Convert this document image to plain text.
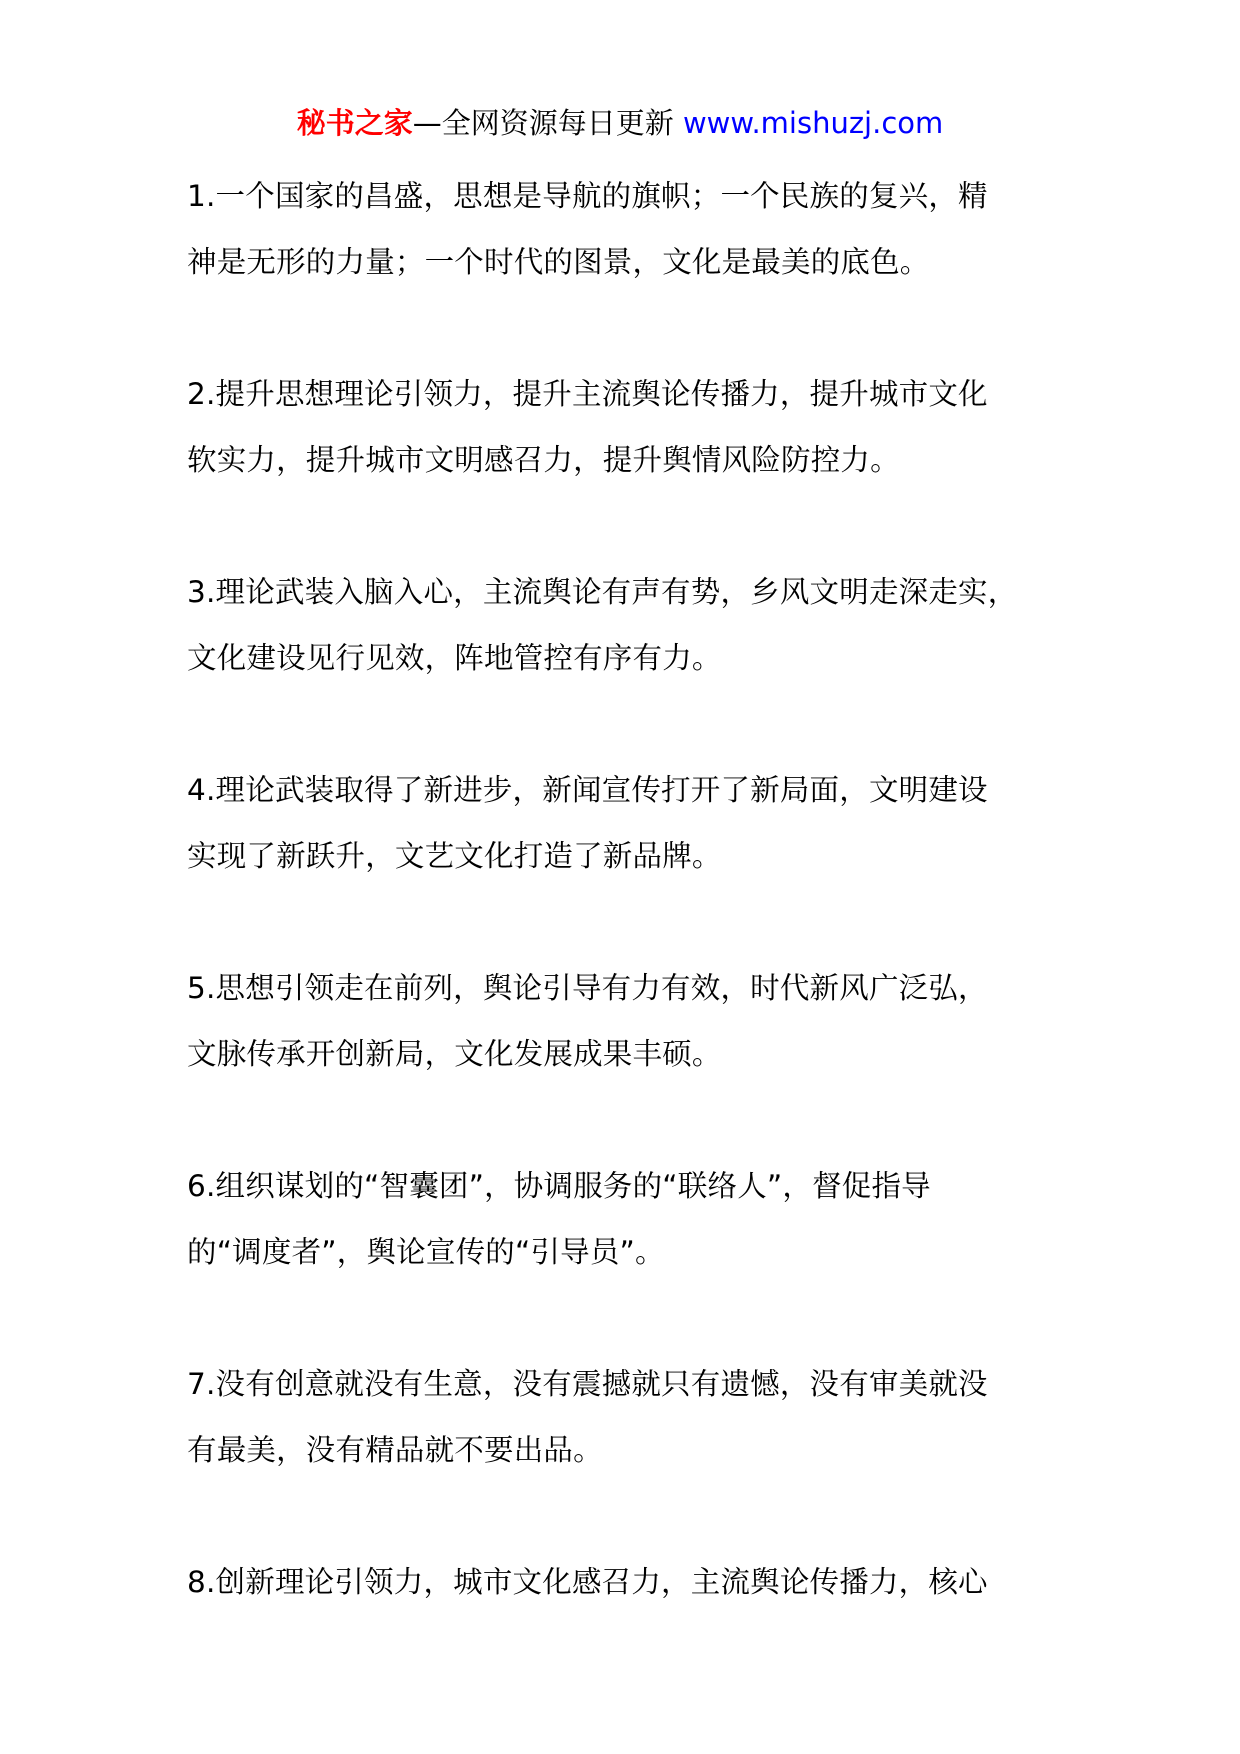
秘书之家—全网资源每日更新 www.mishuzj.com

1.一个国家的昌盛，思想是导航的旗帜；一个民族的复兴，精
神是无形的力量；一个时代的图景，文化是最美的底色。

2.提升思想理论引领力，提升主流舆论传播力，提升城市文化
软实力，提升城市文明感召力，提升舆情风险防控力。

3.理论武装入脑入心，主流舆论有声有势，乡风文明走深走实，
文化建设见行见效，阵地管控有序有力。

4.理论武装取得了新进步，新闻宣传打开了新局面，文明建设
实现了新跃升，文艺文化打造了新品牌。

5.思想引领走在前列，舆论引导有力有效，时代新风广泛弘，
文脉传承开创新局，文化发展成果丰硕。

6.组织谋划的“智囊团”，协调服务的“联络人”，督促指导
的“调度者”，舆论宣传的“引导员”。

7.没有创意就没有生意，没有震撼就只有遗憾，没有审美就没
有最美，没有精品就不要出品。

8.创新理论引领力，城市文化感召力，主流舆论传播力，核心
